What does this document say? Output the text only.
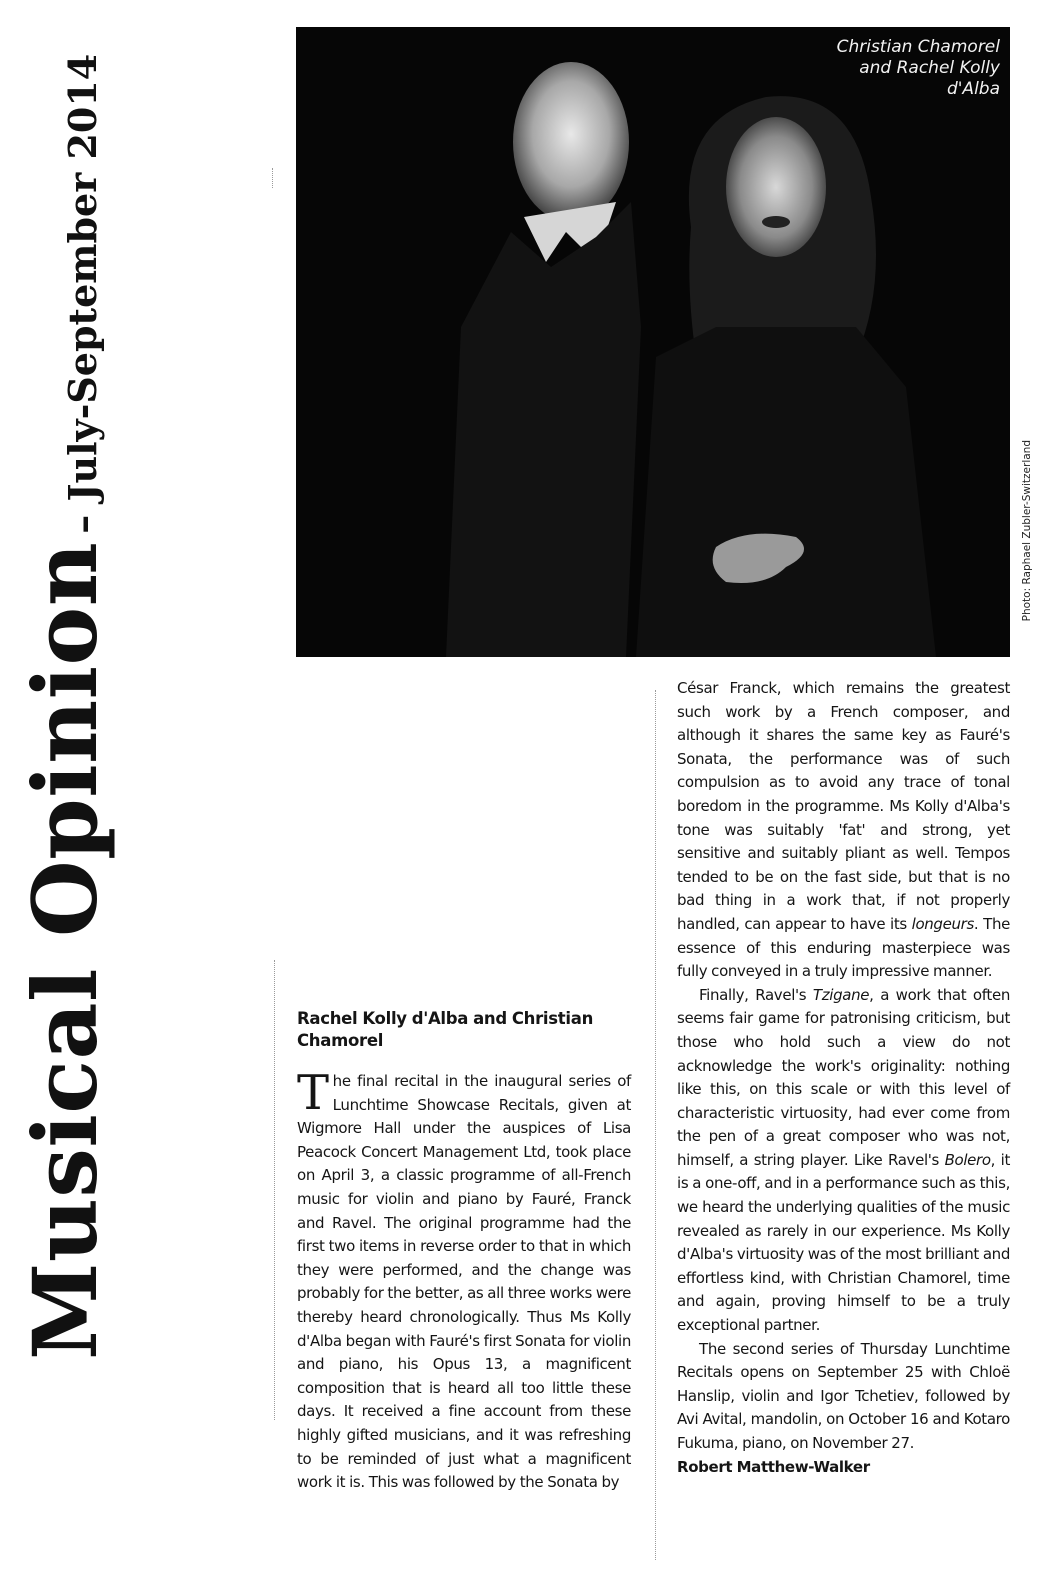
Musical Opinion
– July-September 2014
Christian Chamorel
and Rachel Kolly
d'Alba
Photo: Raphael Zubler-Switzerland
Rachel Kolly d'Alba and Christian Chamorel

The final recital in the inaugural series of Lunchtime Showcase Recitals, given at Wigmore Hall under the auspices of Lisa Peacock Concert Management Ltd, took place on April 3, a classic programme of all-French music for violin and piano by Fauré, Franck and Ravel. The original programme had the first two items in reverse order to that in which they were performed, and the change was probably for the better, as all three works were thereby heard chronologically. Thus Ms Kolly d'Alba began with Fauré's first Sonata for violin and piano, his Opus 13, a magnificent composition that is heard all too little these days. It received a fine account from these highly gifted musicians, and it was refreshing to be reminded of just what a magnificent work it is. This was followed by the Sonata by

César Franck, which remains the greatest such work by a French composer, and although it shares the same key as Fauré's Sonata, the performance was of such compulsion as to avoid any trace of tonal boredom in the programme. Ms Kolly d'Alba's tone was suitably 'fat' and strong, yet sensitive and suitably pliant as well. Tempos tended to be on the fast side, but that is no bad thing in a work that, if not properly handled, can appear to have its longeurs. The essence of this enduring masterpiece was fully conveyed in a truly impressive manner.

Finally, Ravel's Tzigane, a work that often seems fair game for patronising criticism, but those who hold such a view do not acknowledge the work's originality: nothing like this, on this scale or with this level of characteristic virtuosity, had ever come from the pen of a great composer who was not, himself, a string player. Like Ravel's Bolero, it is a one-off, and in a performance such as this, we heard the underlying qualities of the music revealed as rarely in our experience. Ms Kolly d'Alba's virtuosity was of the most brilliant and effortless kind, with Christian Chamorel, time and again, proving himself to be a truly exceptional partner.

The second series of Thursday Lunchtime Recitals opens on September 25 with Chloë Hanslip, violin and Igor Tchetiev, followed by Avi Avital, mandolin, on October 16 and Kotaro Fukuma, piano, on November 27.

Robert Matthew-Walker
